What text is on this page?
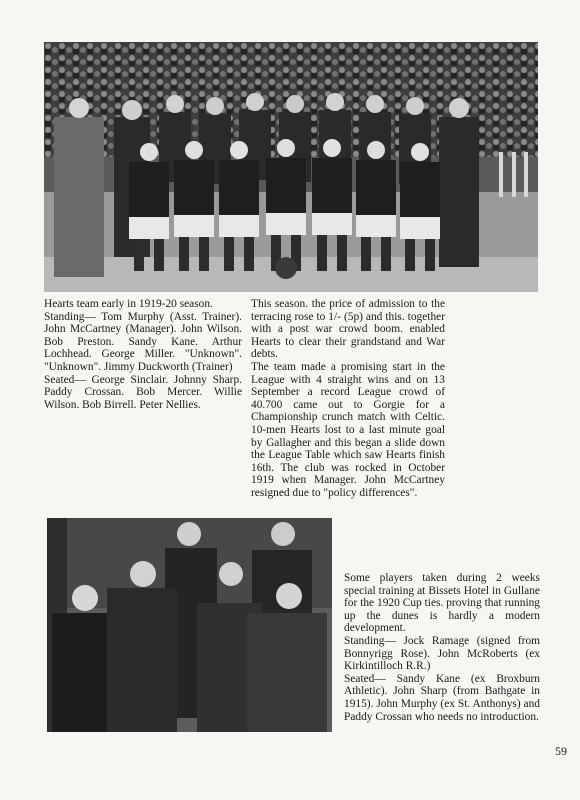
Hearts team early in 1919-20 season.

Standing— Tom Murphy (Asst. Trainer). John McCartney (Manager). John Wilson. Bob Preston. Sandy Kane. Arthur Lochhead. George Miller. "Unknown". "Unknown". Jimmy Duckworth (Trainer)

Seated— George Sinclair. Johnny Sharp. Paddy Crossan. Bob Mercer. Willie Wilson. Bob Birrell. Peter Nellies.

This season. the price of admission to the terracing rose to 1/- (5p) and this. together with a post war crowd boom. enabled Hearts to clear their grandstand and War debts.

The team made a promising start in the League with 4 straight wins and on 13 September a record League crowd of 40.700 came out to Gorgie for a Championship crunch match with Celtic. 10-men Hearts lost to a last minute goal by Gallagher and this began a slide down the League Table which saw Hearts finish 16th. The club was rocked in October 1919 when Manager. John McCartney resigned due to "policy differences".

Some players taken during 2 weeks special training at Bissets Hotel in Gullane for the 1920 Cup ties. proving that running up the dunes is hardly a modern development.

Standing— Jock Ramage (signed from Bonnyrigg Rose). John McRoberts (ex Kirkintilloch R.R.)

Seated— Sandy Kane (ex Broxburn Athletic). John Sharp (from Bathgate in 1915). John Murphy (ex St. Anthonys) and Paddy Crossan who needs no introduction.

59
